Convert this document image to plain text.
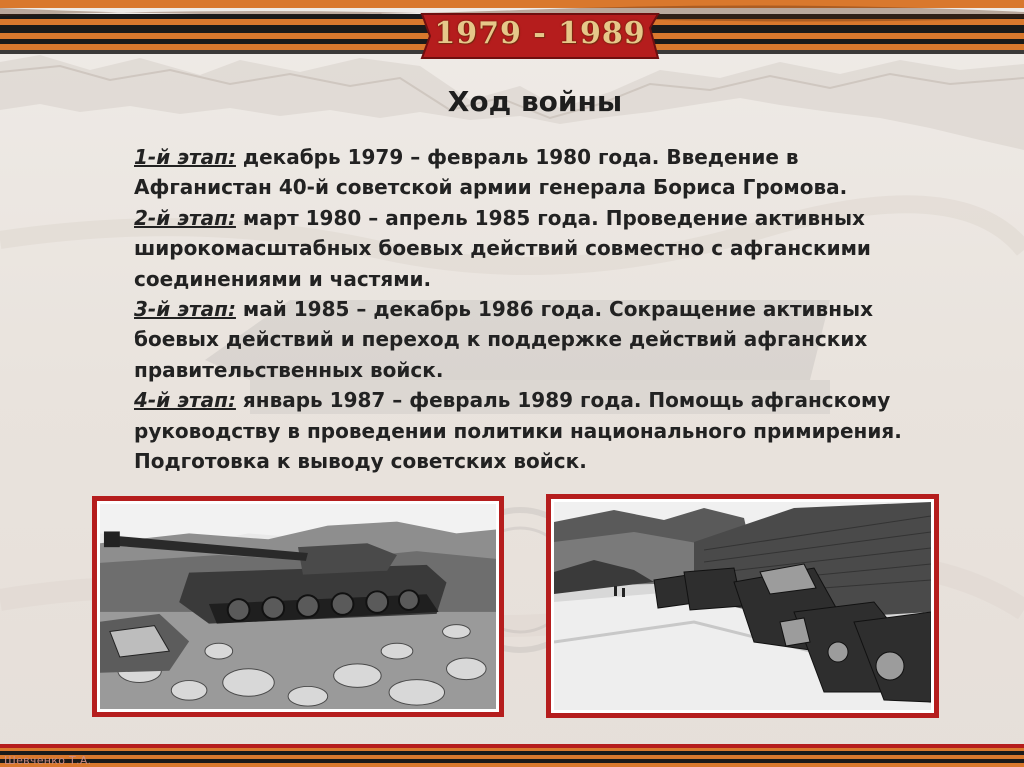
1979 - 1989
Ход войны

1-й этап: декабрь 1979 – февраль 1980 года. Введение в Афганистан 40-й советской армии генерала Бориса Громова.

2-й этап: март 1980 – апрель 1985 года. Проведение активных широкомасштабных боевых действий совместно с афганскими соединениями и частями.

3-й этап: май 1985 – декабрь 1986 года. Сокращение активных боевых действий и переход к поддержке действий афганских правительственных войск.

4-й этап: январь 1987 – февраль 1989 года. Помощь афганскому руководству в проведении политики национального примирения. Подготовка к выводу советских войск.

Шевченко Т.А.
